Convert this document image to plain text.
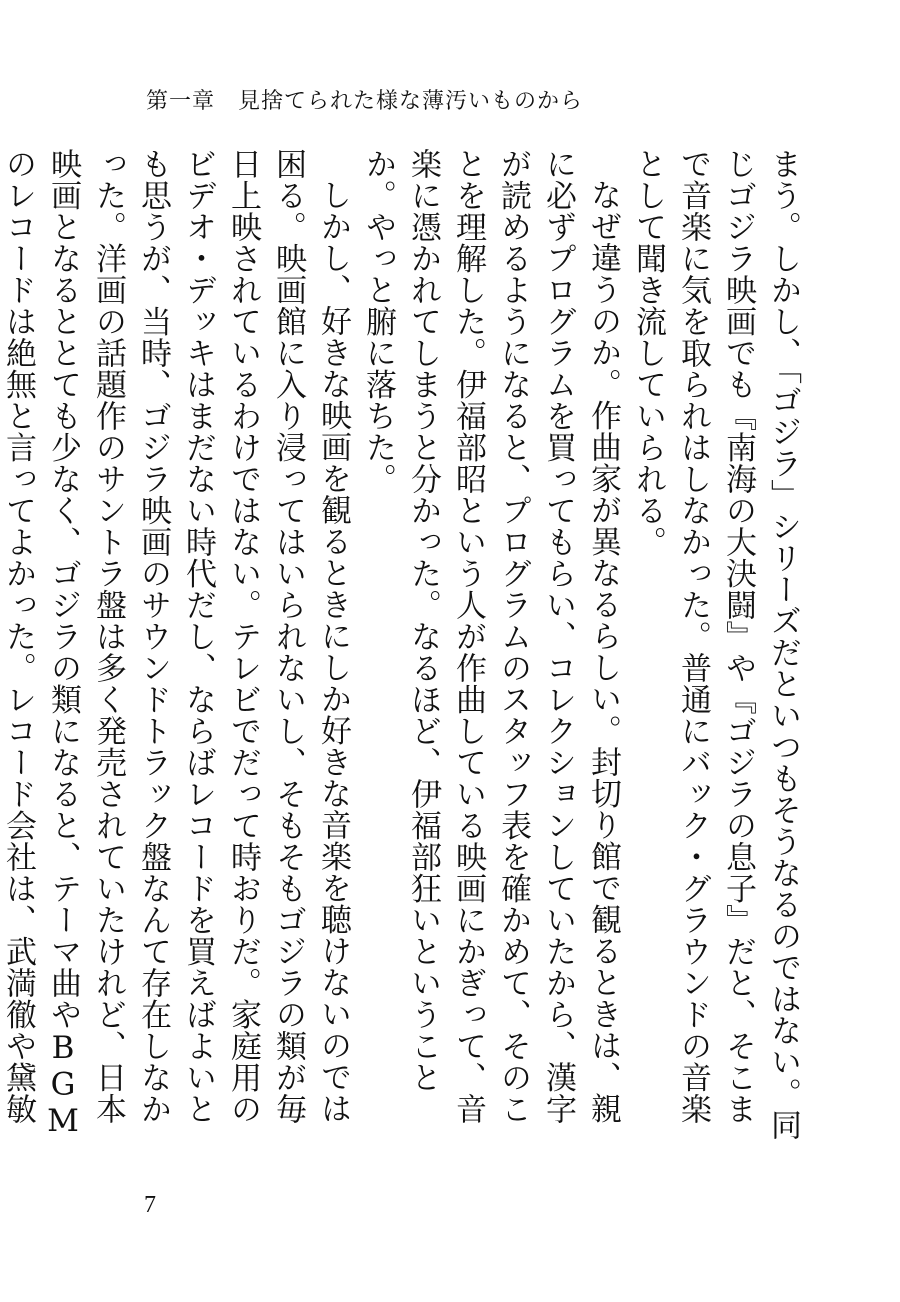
第一章　見捨てられた様な薄汚いものから

まう。しかし、「ゴジラ」シリーズだといつもそうなるのではない。同じゴジラ映画でも『南海の大決闘』や『ゴジラの息子』だと、そこまで音楽に気を取られはしなかった。普通にバック・グラウンドの音楽として聞き流していられる。

なぜ違うのか。作曲家が異なるらしい。封切り館で観るときは、親に必ずプログラムを買ってもらい、コレクションしていたから、漢字が読めるようになると、プログラムのスタッフ表を確かめて、そのことを理解した。伊福部昭という人が作曲している映画にかぎって、音楽に憑かれてしまうと分かった。なるほど、伊福部狂いということか。やっと腑に落ちた。

しかし、好きな映画を観るときにしか好きな音楽を聴けないのでは困る。映画館に入り浸ってはいられないし、そもそもゴジラの類が毎日上映されているわけではない。テレビでだって時おりだ。家庭用のビデオ・デッキはまだない時代だし、ならばレコードを買えばよいとも思うが、当時、ゴジラ映画のサウンドトラック盤なんて存在しなかった。洋画の話題作のサントラ盤は多く発売されていたけれど、日本映画となるととても少なく、ゴジラの類になると、テーマ曲やBGMのレコードは絶無と言ってよかった。レコード会社は、武満徹や黛敏

7
